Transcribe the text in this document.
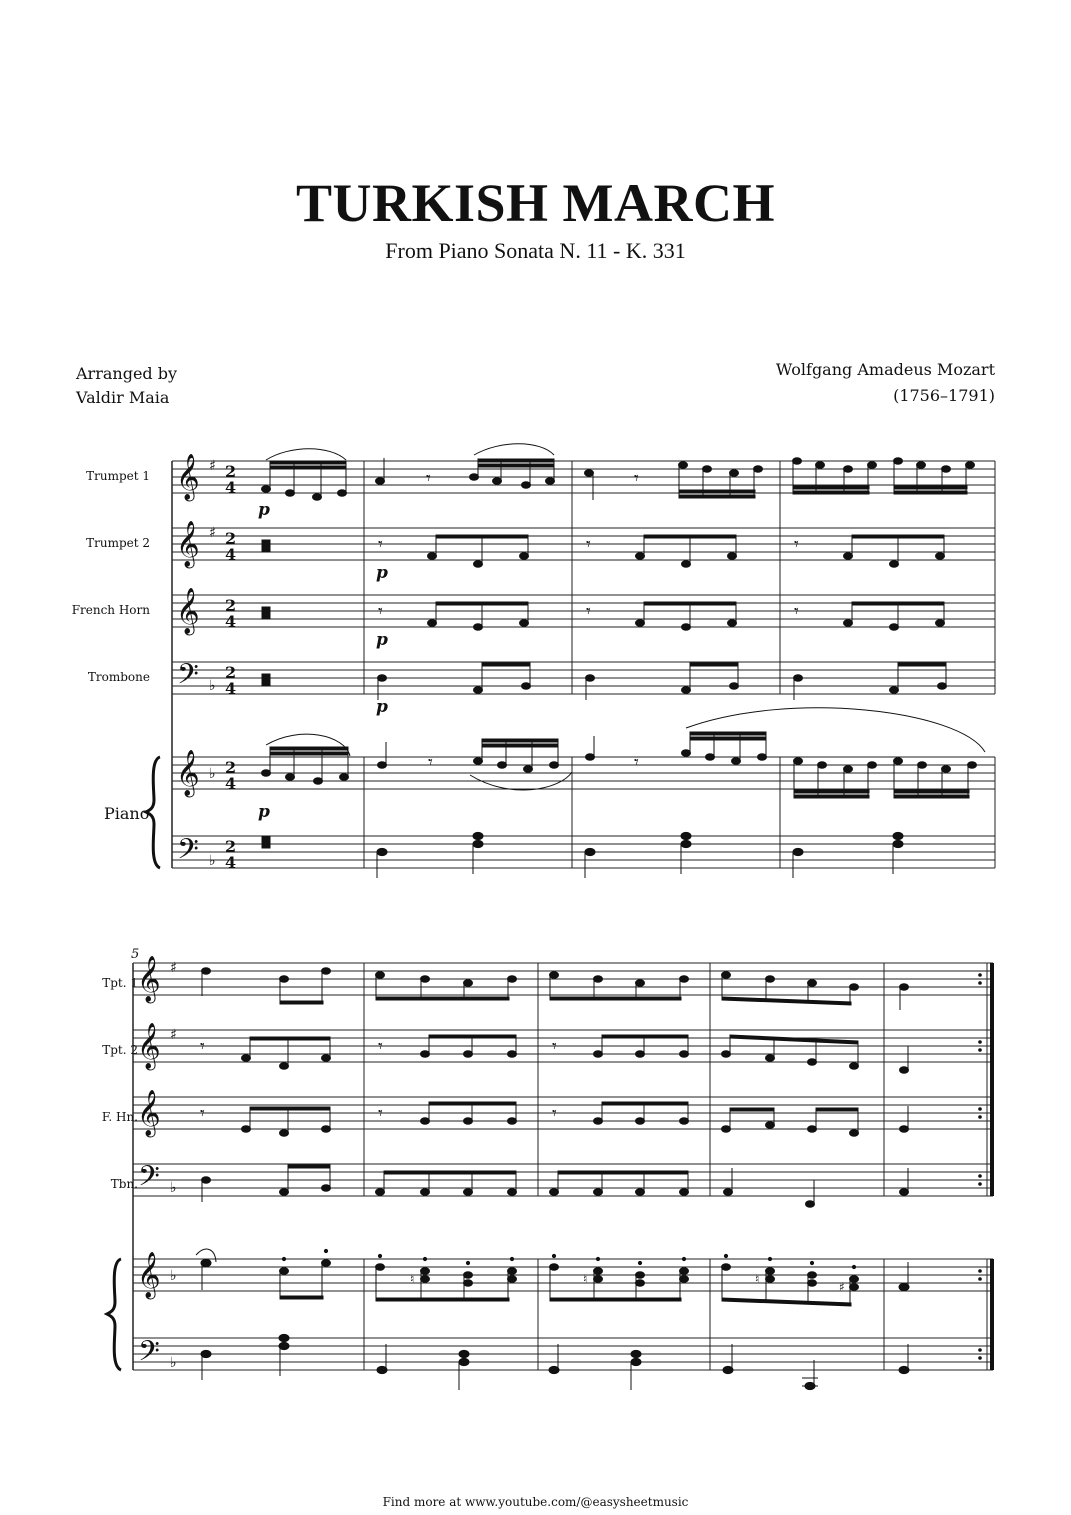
TURKISH MARCH
From Piano Sonata N. 11 - K. 331
Arranged by
Valdir Maia
Wolfgang Amadeus Mozart
(1756–1791)
Trumpet 1
Trumpet 2
French Horn
Trombone
Piano
Tpt. 1
Tpt. 2
F. Hn.
Tbn.
𝄞
𝄞
𝄞
𝄢
𝄞
𝄢
♯
♯
♭
♭
♭
2
4
2
4
2
4
2
4
2
4
2
4
p
p
p
p
p
𝄾	𝄾
𝄾	𝄾	𝄾
𝄾	𝄾	𝄾
𝄾	𝄾
5
𝄞
𝄞
𝄞
𝄢
𝄞
𝄢
♯
♯
♭
♭
♭
𝄾
𝄾
𝄾	𝄾
𝄾	𝄾
♮	♮	♮
♯
Find more at www.youtube.com/@easysheetmusic
